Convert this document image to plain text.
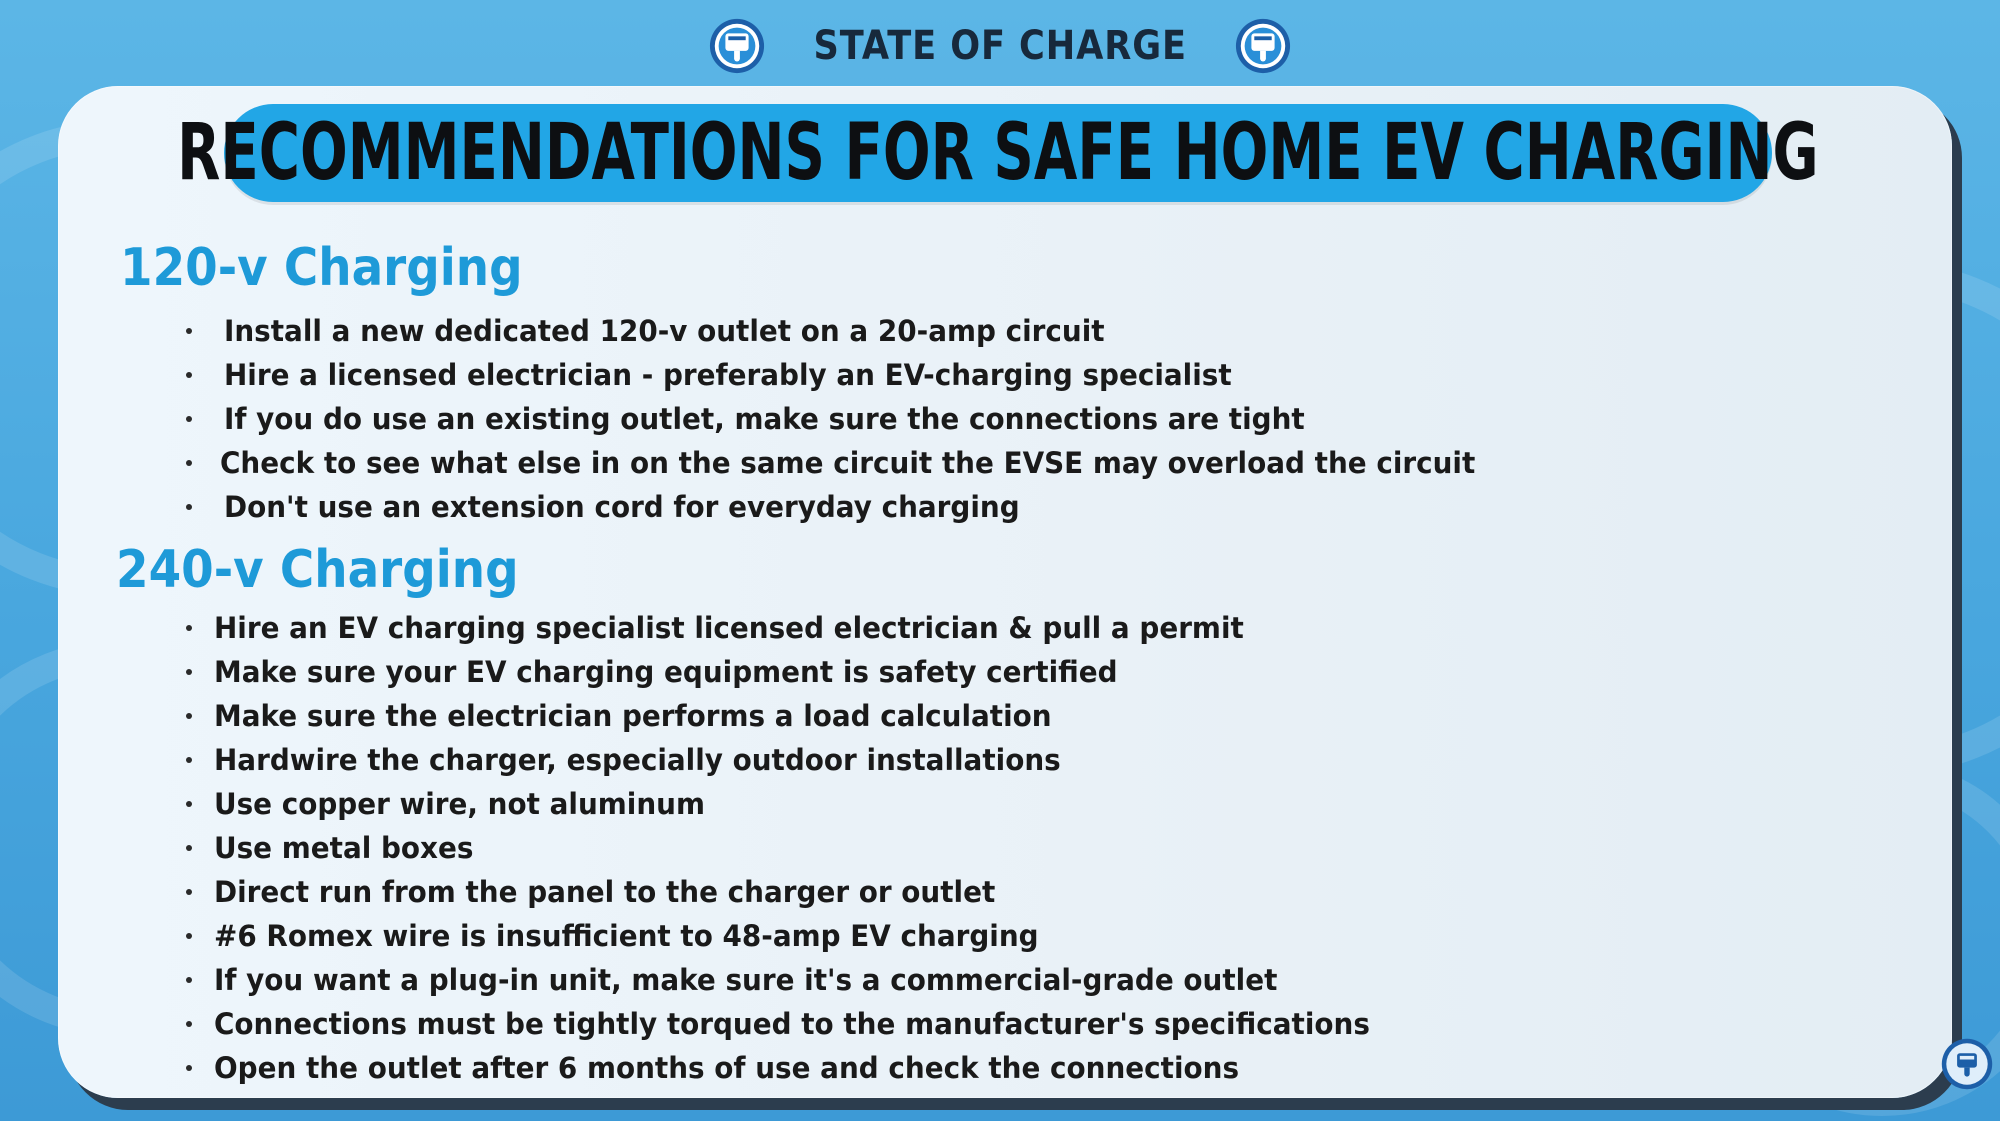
STATE OF CHARGE
RECOMMENDATIONS FOR SAFE HOME EV CHARGING
120-v Charging
Install a new dedicated 120-v outlet on a 20-amp circuit
Hire a licensed electrician - preferably an EV-charging specialist
If you do use an existing outlet, make sure the connections are tight
Check to see what else in on the same circuit the EVSE may overload the circuit
Don't use an extension cord for everyday charging
240-v Charging
Hire an EV charging specialist licensed electrician & pull a permit
Make sure your EV charging equipment is safety certified
Make sure the electrician performs a load calculation
Hardwire the charger, especially outdoor installations
Use copper wire, not aluminum
Use metal boxes
Direct run from the panel to the charger or outlet
#6 Romex wire is insufficient to 48-amp EV charging
If you want a plug-in unit, make sure it's a commercial-grade outlet
Connections must be tightly torqued to the manufacturer's specifications
Open the outlet after 6 months of use and check the connections
